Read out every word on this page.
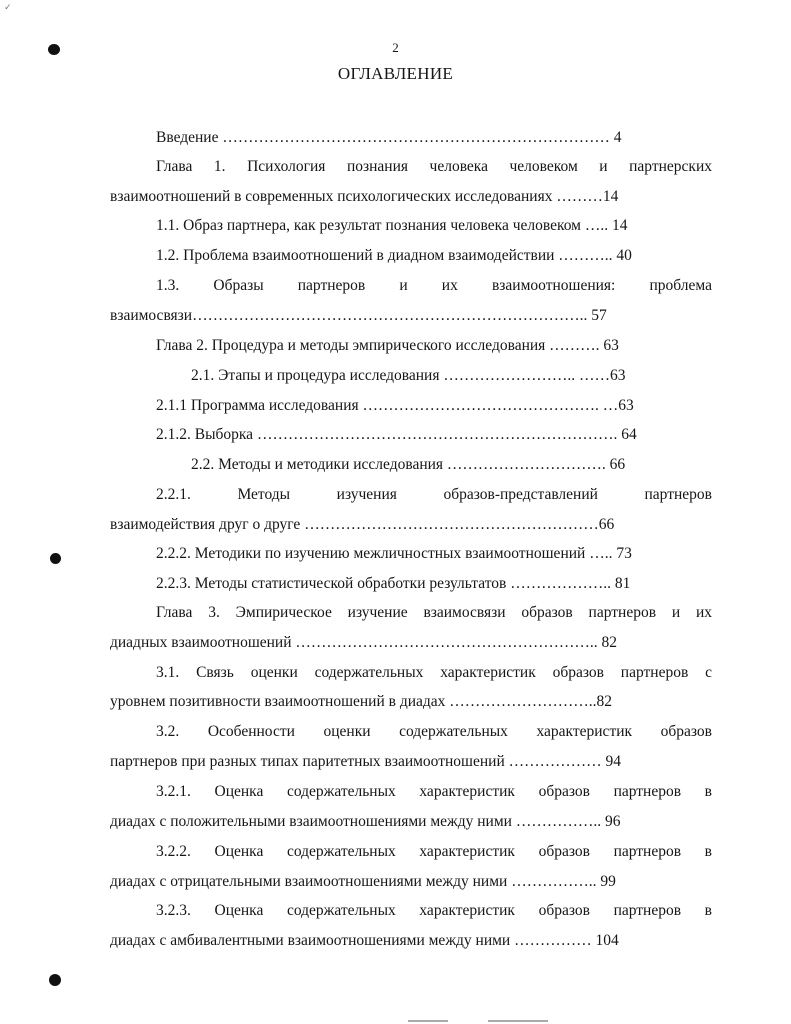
✓
2
ОГЛАВЛЕНИЕ
Введение ………………………………………………………………… 4
Глава 1. Психология познания человека человеком и партнерских
взаимоотношений в современных психологических исследованиях ………14
1.1. Образ партнера, как результат познания человека человеком ….. 14
1.2. Проблема взаимоотношений в диадном взаимодействии ……….. 40
1.3. Образы партнеров и их взаимоотношения: проблема
взаимосвязи………………………………………………………………….. 57
Глава 2. Процедура и методы эмпирического исследования ………. 63
2.1. Этапы и процедура исследования …………………….. ……63
2.1.1 Программа исследования ………………………………………. …63
2.1.2. Выборка ……………………………………………………………. 64
2.2. Методы и методики исследования …………………………. 66
2.2.1. Методы изучения образов-представлений партнеров
взаимодействия друг о друге …………………………………………………66
2.2.2. Методики по изучению межличностных взаимоотношений ….. 73
2.2.3. Методы статистической обработки результатов ……………….. 81
Глава 3. Эмпирическое изучение взаимосвязи образов партнеров и их
диадных взаимоотношений ………………………………………………….. 82
3.1. Связь оценки содержательных характеристик образов партнеров с
уровнем позитивности взаимоотношений в диадах ………………………..82
3.2. Особенности оценки содержательных характеристик образов
партнеров при разных типах паритетных взаимоотношений ……………… 94
3.2.1. Оценка содержательных характеристик образов партнеров в
диадах с положительными взаимоотношениями между ними …………….. 96
3.2.2. Оценка содержательных характеристик образов партнеров в
диадах с отрицательными взаимоотношениями между ними …………….. 99
3.2.3. Оценка содержательных характеристик образов партнеров в
диадах с амбивалентными взаимоотношениями между ними …………… 104
